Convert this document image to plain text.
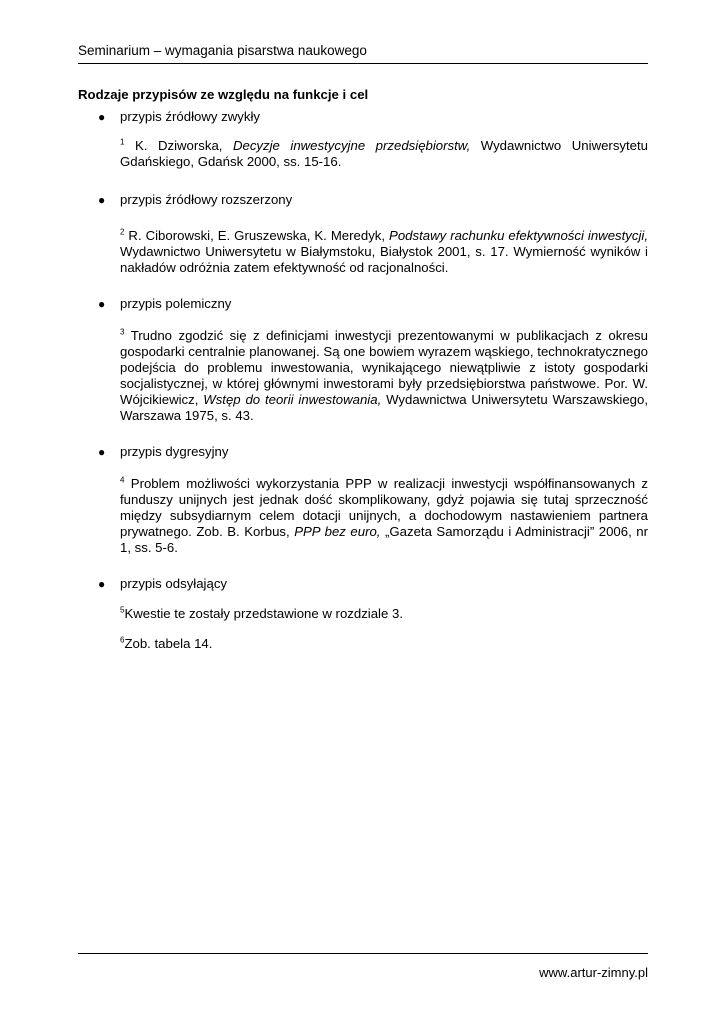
Seminarium – wymagania pisarstwa naukowego
Rodzaje przypisów ze względu na funkcje i cel
● przypis źródłowy zwykły

$^1$ K. Dziworska, Decyzje inwestycyjne przedsiębiorstw, Wydawnictwo Uniwersytetu Gdańskiego, Gdańsk 2000, ss. 15-16.

● przypis źródłowy rozszerzony

$^2$ R. Ciborowski, E. Gruszewska, K. Meredyk, Podstawy rachunku efektywności inwestycji, Wydawnictwo Uniwersytetu w Białymstoku, Białystok 2001, s. 17. Wymierność wyników i nakładów odróżnia zatem efektywność od racjonalności.

● przypis polemiczny

$^3$ Trudno zgodzić się z definicjami inwestycji prezentowanymi w publikacjach z okresu gospodarki centralnie planowanej. Są one bowiem wyrazem wąskiego, technokratycznego podejścia do problemu inwestowania, wynikającego niewątpliwie z istoty gospodarki socjalistycznej, w której głównymi inwestorami były przedsiębiorstwa państwowe. Por. W. Wójcikiewicz, Wstęp do teorii inwestowania, Wydawnictwa Uniwersytetu Warszawskiego, Warszawa 1975, s. 43.

● przypis dygresyjny

$^4$ Problem możliwości wykorzystania PPP w realizacji inwestycji współfinansowanych z funduszy unijnych jest jednak dość skomplikowany, gdyż pojawia się tutaj sprzeczność między subsydiarnym celem dotacji unijnych, a dochodowym nastawieniem partnera prywatnego. Zob. B. Korbus, PPP bez euro, „Gazeta Samorządu i Administracji” 2006, nr 1, ss. 5-6.

● przypis odsyłający

$^5$Kwestie te zostały przedstawione w rozdziale 3.

$^6$Zob. tabela 14.

www.artur-zimny.pl
